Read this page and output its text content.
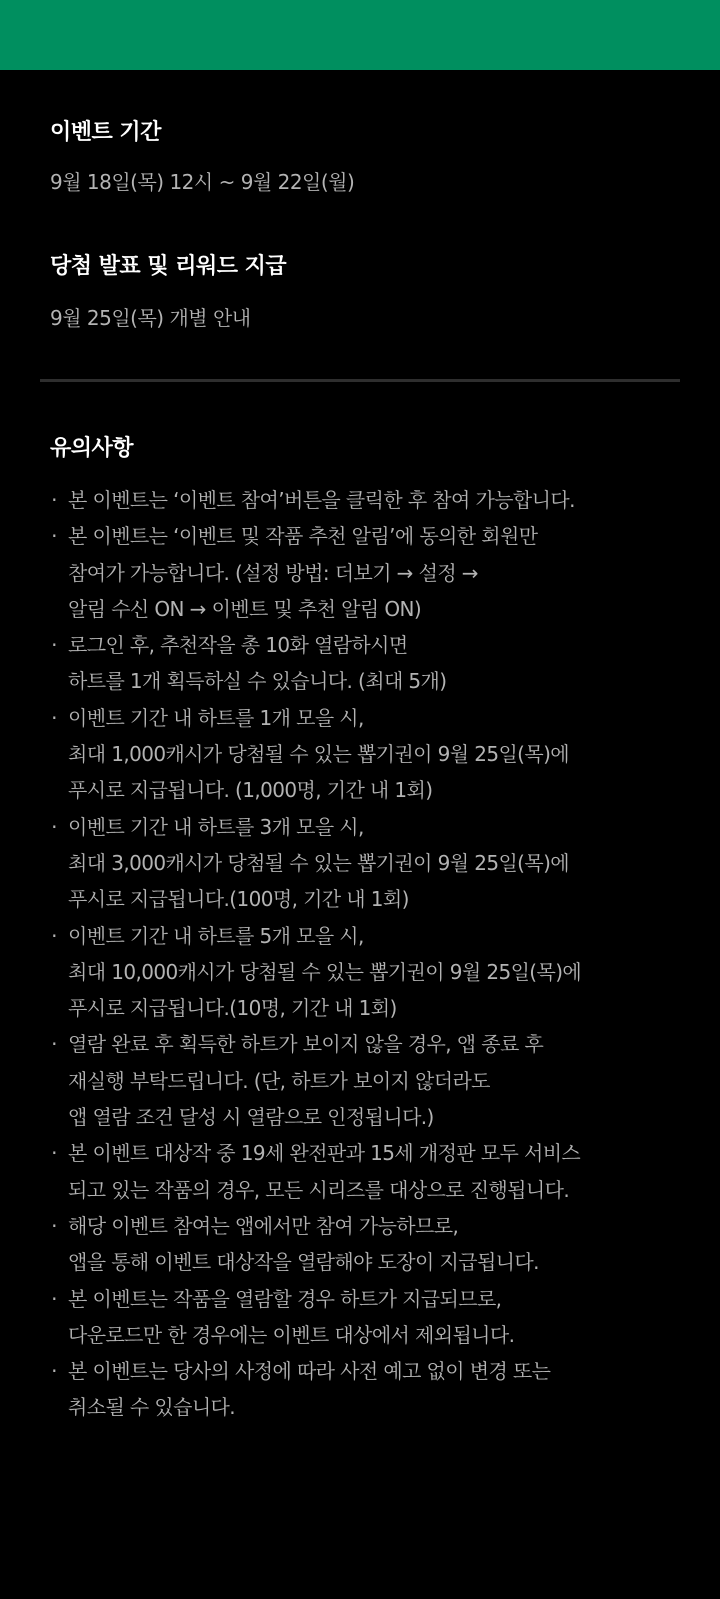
이벤트 기간

9월 18일(목) 12시 ~ 9월 22일(월)

당첨 발표 및 리워드 지급

9월 25일(목) 개별 안내

유의사항
· 본 이벤트는 ‘이벤트 참여’버튼을 클릭한 후 참여 가능합니다.
· 본 이벤트는 ‘이벤트 및 작품 추천 알림’에 동의한 회원만
참여가 가능합니다. (설정 방법: 더보기 → 설정 →
알림 수신 ON → 이벤트 및 추천 알림 ON)
· 로그인 후, 추천작을 총 10화 열람하시면
하트를 1개 획득하실 수 있습니다. (최대 5개)
· 이벤트 기간 내 하트를 1개 모을 시,
최대 1,000캐시가 당첨될 수 있는 뽑기권이 9월 25일(목)에
푸시로 지급됩니다. (1,000명, 기간 내 1회)
· 이벤트 기간 내 하트를 3개 모을 시,
최대 3,000캐시가 당첨될 수 있는 뽑기권이 9월 25일(목)에
푸시로 지급됩니다.(100명, 기간 내 1회)
· 이벤트 기간 내 하트를 5개 모을 시,
최대 10,000캐시가 당첨될 수 있는 뽑기권이 9월 25일(목)에
푸시로 지급됩니다.(10명, 기간 내 1회)
· 열람 완료 후 획득한 하트가 보이지 않을 경우, 앱 종료 후
재실행 부탁드립니다. (단, 하트가 보이지 않더라도
앱 열람 조건 달성 시 열람으로 인정됩니다.)
· 본 이벤트 대상작 중 19세 완전판과 15세 개정판 모두 서비스
되고 있는 작품의 경우, 모든 시리즈를 대상으로 진행됩니다.
· 해당 이벤트 참여는 앱에서만 참여 가능하므로,
앱을 통해 이벤트 대상작을 열람해야 도장이 지급됩니다.
· 본 이벤트는 작품을 열람할 경우 하트가 지급되므로,
다운로드만 한 경우에는 이벤트 대상에서 제외됩니다.
· 본 이벤트는 당사의 사정에 따라 사전 예고 없이 변경 또는
취소될 수 있습니다.
